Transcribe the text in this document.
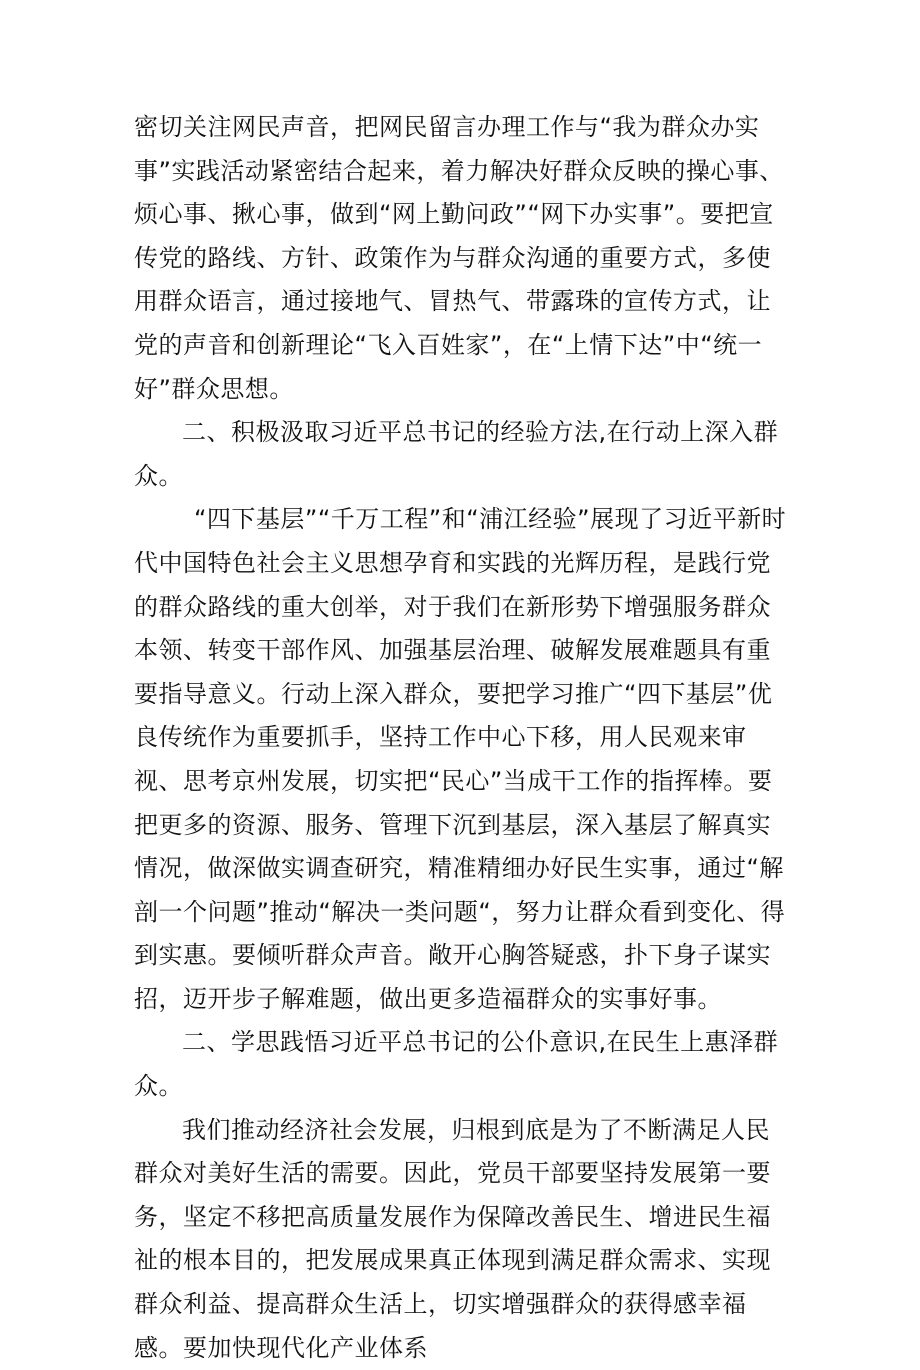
密切关注网民声音，把网民留言办理工作与“我为群众办实事”实践活动紧密结合起来，着力解决好群众反映的操心事、烦心事、揪心事，做到“网上勤问政”“网下办实事”。要把宣传党的路线、方针、政策作为与群众沟通的重要方式，多使用群众语言，通过接地气、冒热气、带露珠的宣传方式，让党的声音和创新理论“飞入百姓家”，在“上情下达”中“统一好”群众思想。

二、积极汲取习近平总书记的经验方法,在行动上深入群众。

“四下基层”“千万工程”和“浦江经验”展现了习近平新时代中国特色社会主义思想孕育和实践的光辉历程，是践行党的群众路线的重大创举，对于我们在新形势下增强服务群众本领、转变干部作风、加强基层治理、破解发展难题具有重要指导意义。行动上深入群众，要把学习推广“四下基层”优良传统作为重要抓手，坚持工作中心下移，用人民观来审视、思考京州发展，切实把“民心”当成干工作的指挥棒。要把更多的资源、服务、管理下沉到基层，深入基层了解真实情况，做深做实调查研究，精准精细办好民生实事，通过“解剖一个问题”推动“解决一类问题“，努力让群众看到变化、得到实惠。要倾听群众声音。敞开心胸答疑惑，扑下身子谋实招，迈开步子解难题，做出更多造福群众的实事好事。

二、学思践悟习近平总书记的公仆意识,在民生上惠泽群众。

我们推动经济社会发展，归根到底是为了不断满足人民群众对美好生活的需要。因此，党员干部要坚持发展第一要务，坚定不移把高质量发展作为保障改善民生、增进民生福祉的根本目的，把发展成果真正体现到满足群众需求、实现群众利益、提高群众生活上，切实增强群众的获得感幸福感。要加快现代化产业体系
